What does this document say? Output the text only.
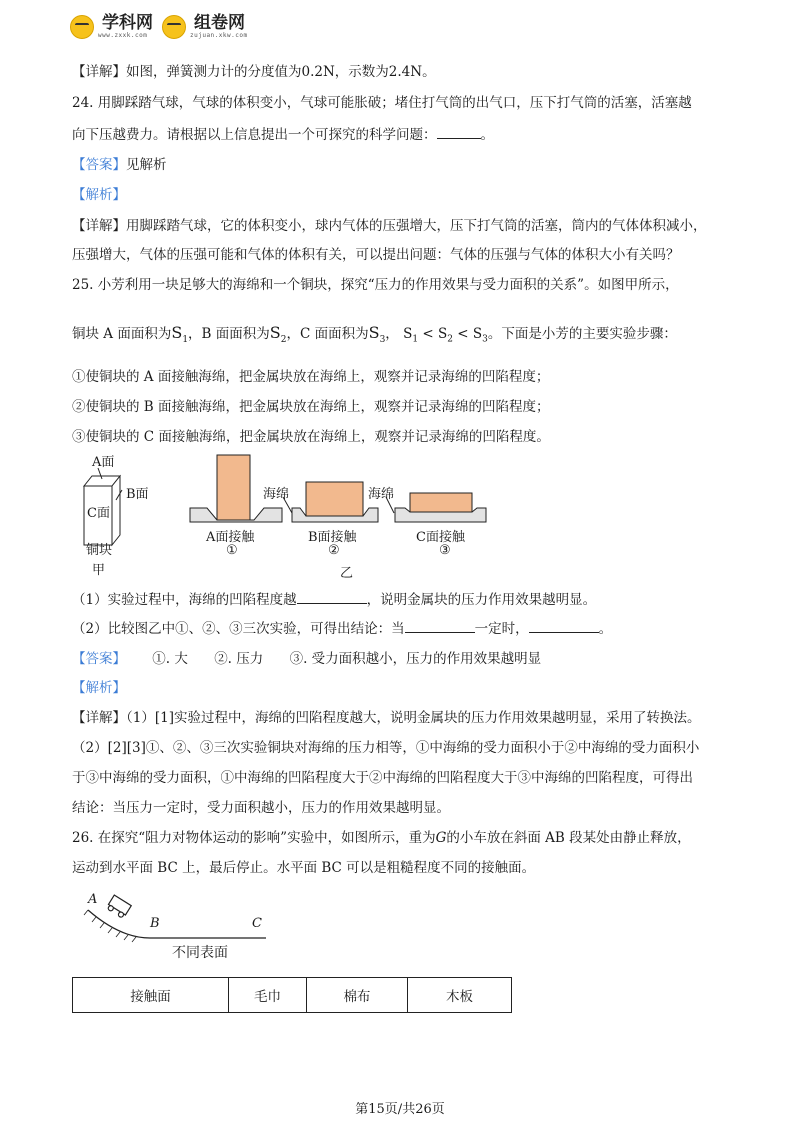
学科网
www.zxxk.com
组卷网
zujuan.xkw.com
【详解】如图，弹簧测力计的分度值为0.2N，示数为2.4N。
24. 用脚踩踏气球，气球的体积变小，气球可能胀破；堵住打气筒的出气口，压下打气筒的活塞，活塞越
向下压越费力。请根据以上信息提出一个可探究的科学问题：	。
【答案】见解析
【解析】
【详解】用脚踩踏气球，它的体积变小，球内气体的压强增大，压下打气筒的活塞，筒内的气体体积减小，
压强增大，气体的压强可能和气体的体积有关，可以提出问题：气体的压强与气体的体积大小有关吗？
25. 小芳利用一块足够大的海绵和一个铜块，探究“压力的作用效果与受力面积的关系”。如图甲所示，
铜块 A 面面积为$S_1$，B 面面积为$S_2$，C 面面积为$S_3$， $S_1 < S_2 < S_3$。下面是小芳的主要实验步骤：
①使铜块的 A 面接触海绵，把金属块放在海绵上，观察并记录海绵的凹陷程度；
②使铜块的 B 面接触海绵，把金属块放在海绵上，观察并记录海绵的凹陷程度；
③使铜块的 C 面接触海绵，把金属块放在海绵上，观察并记录海绵的凹陷程度。
A面
B面
C面
铜块
甲
海绵	海绵
A面接触	B面接触	C面接触
①	②	③
乙
（1）实验过程中，海绵的凹陷程度越	，说明金属块的压力作用效果越明显。
（2）比较图乙中①、②、③三次实验，可得出结论：当	一定时，	。
【答案】 ①. 大 ②. 压力 ③. 受力面积越小，压力的作用效果越明显
【解析】
【详解】（1）[1]实验过程中，海绵的凹陷程度越大，说明金属块的压力作用效果越明显，采用了转换法。
（2）[2][3]①、②、③三次实验铜块对海绵的压力相等，①中海绵的受力面积小于②中海绵的受力面积小
于③中海绵的受力面积，①中海绵的凹陷程度大于②中海绵的凹陷程度大于③中海绵的凹陷程度，可得出
结论：当压力一定时，受力面积越小，压力的作用效果越明显。
26. 在探究“阻力对物体运动的影响”实验中，如图所示，重为G的小车放在斜面 AB 段某处由静止释放，
运动到水平面 BC 上，最后停止。水平面 BC 可以是粗糙程度不同的接触面。
A
B	C
不同表面
接触面	毛巾	棉布	木板
第15页/共26页
